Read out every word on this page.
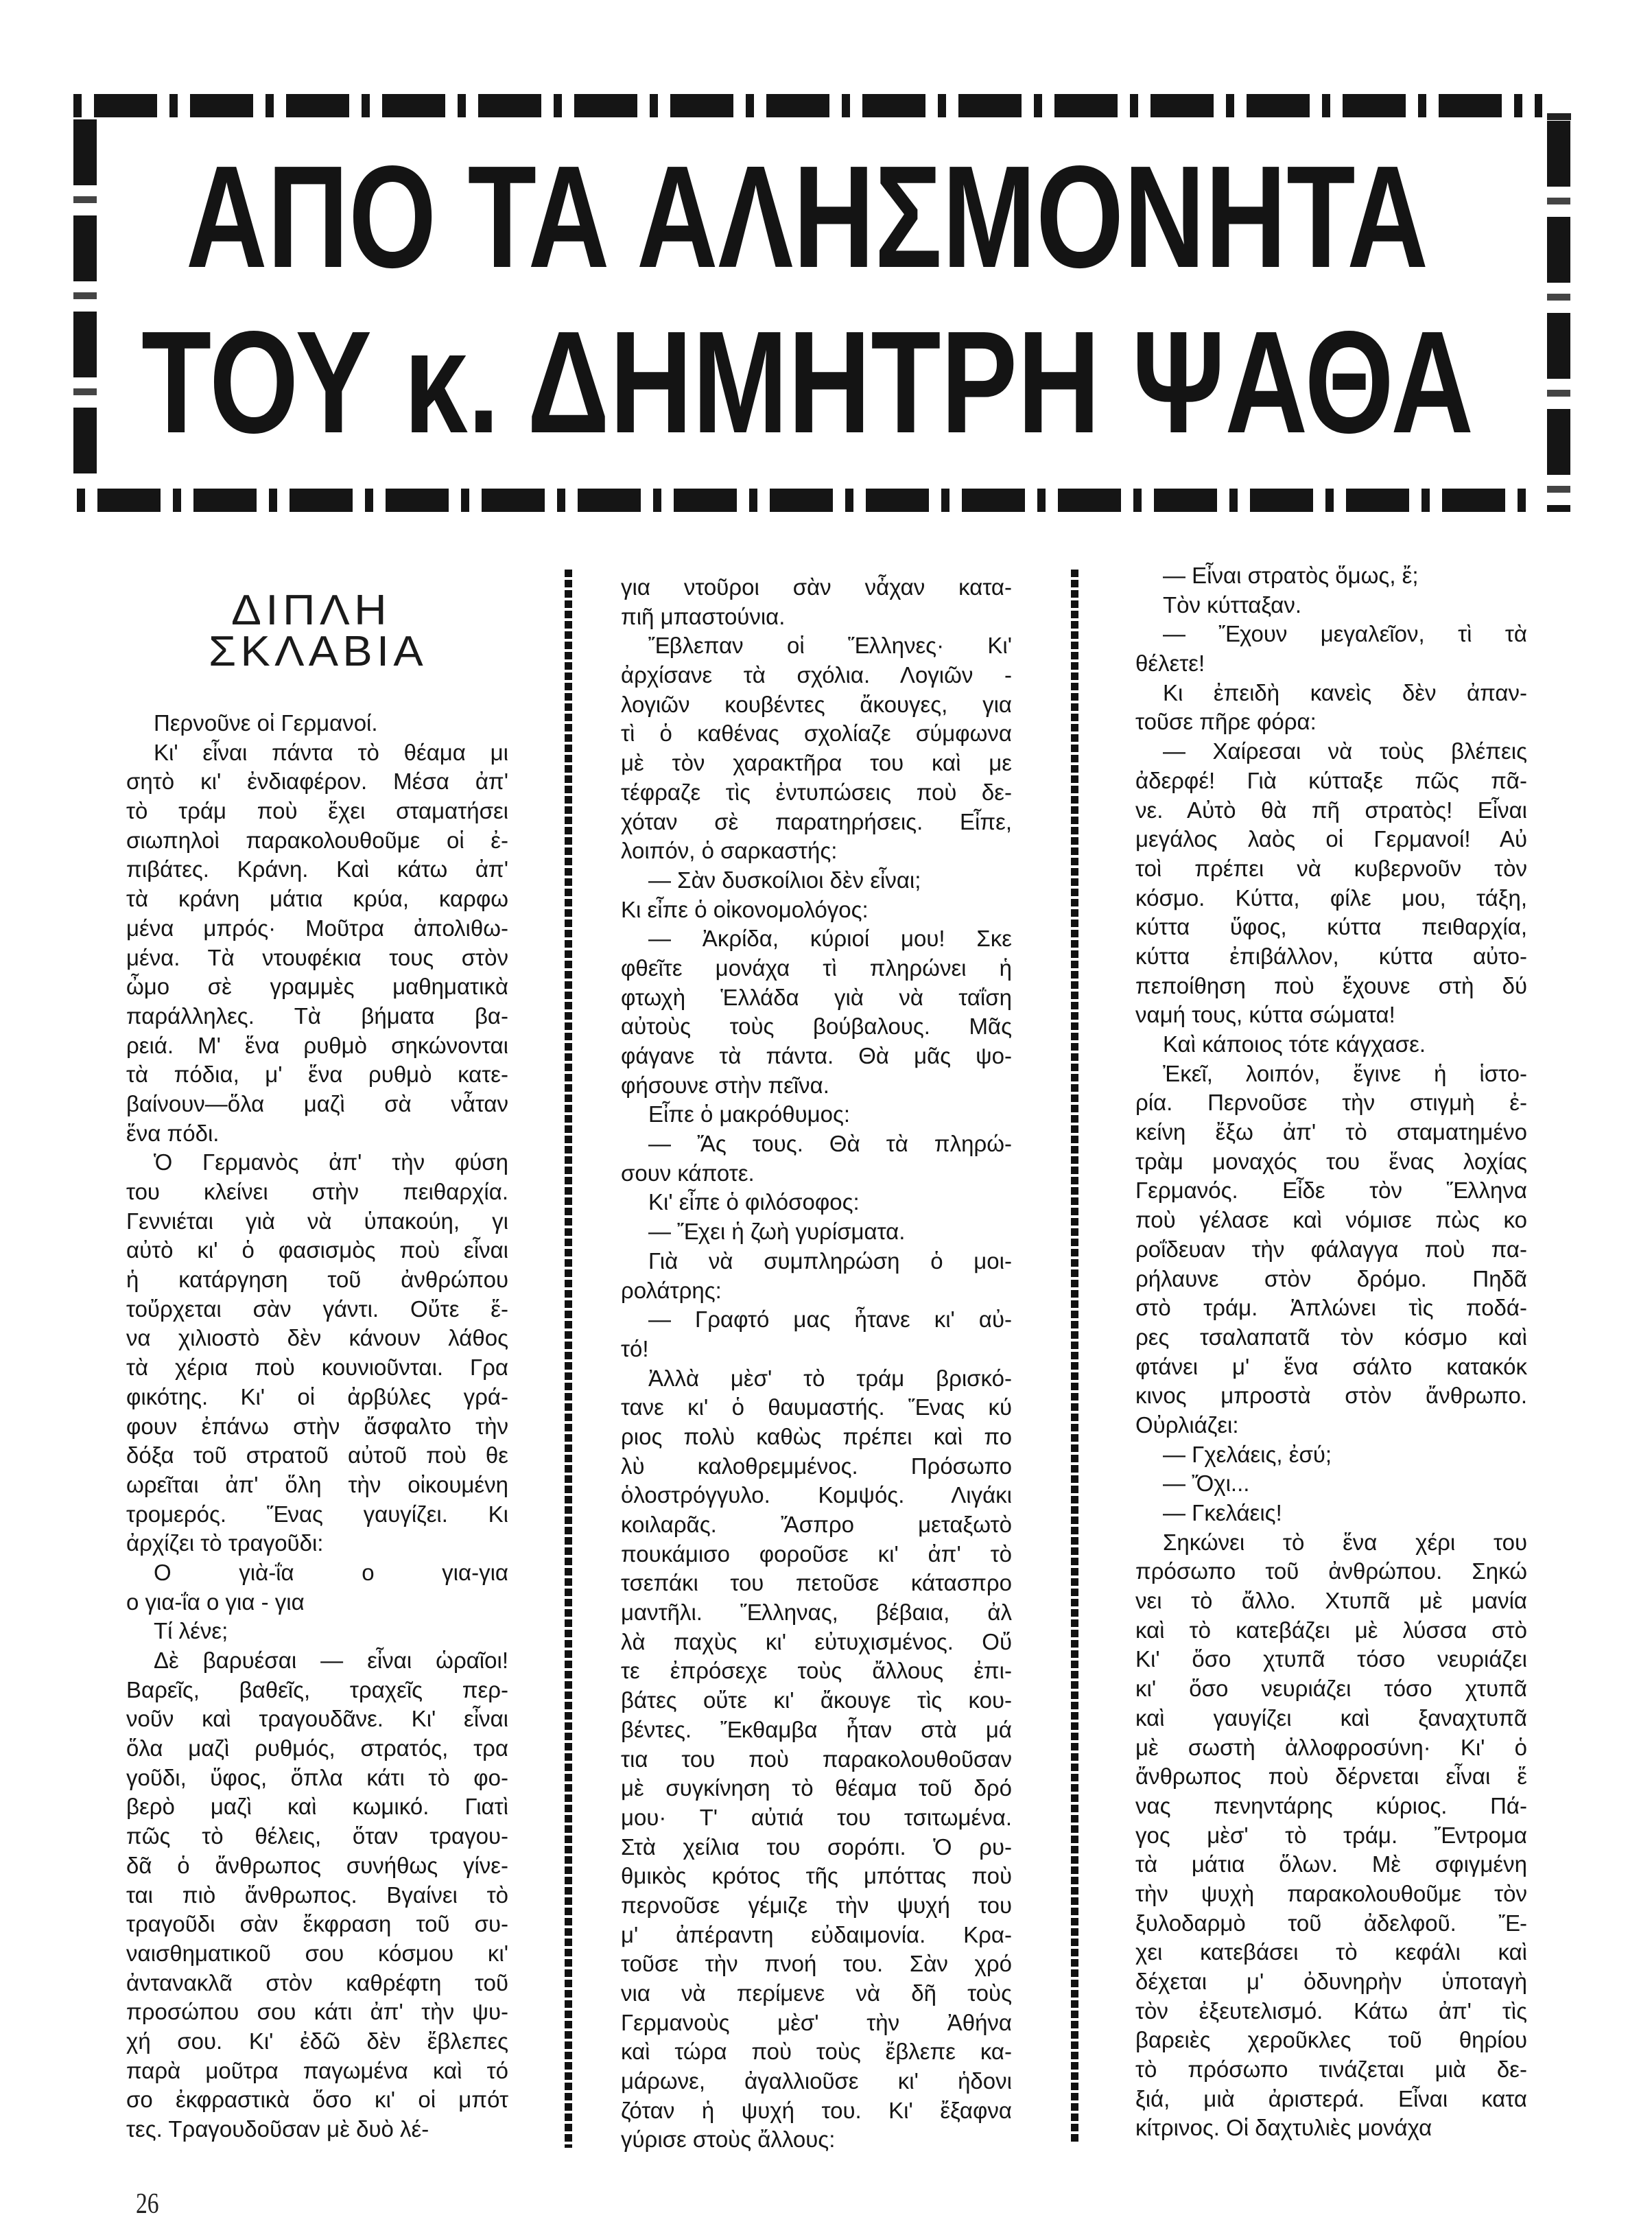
ΑΠΟ ΤΑ ΑΛΗΣΜΟΝΗΤΑ
ΤΟΥ κ. ΔΗΜΗΤΡΗ ΨΑΘΑ
ΔΙΠΛΗ
ΣΚΛΑΒΙΑ
Περνοῦνε οἱ Γερμανοί.
Κι' εἶναι πάντα τὸ θέαμα μι
σητὸ κι' ἐνδιαφέρον. Μέσα ἀπ'
τὸ τράμ ποὺ ἔχει σταματήσει
σιωπηλοὶ παρακολουθοῦμε οἱ ἐ-
πιβάτες. Κράνη. Καὶ κάτω ἀπ'
τὰ κράνη μάτια κρύα, καρφω
μένα μπρός· Μοῦτρα ἀπολιθω-
μένα. Τὰ ντουφέκια τους στὸν
ὦμο σὲ γραμμὲς μαθηματικὰ
παράλληλες. Τὰ βήματα βα-
ρειά. Μ' ἕνα ρυθμὸ σηκώνονται
τὰ πόδια, μ' ἕνα ρυθμὸ κατε-
βαίνουν—ὅλα μαζὶ σὰ νἆταν
ἕνα πόδι.
Ὁ Γερμανὸς ἀπ' τὴν φύση
του κλείνει στὴν πειθαρχία.
Γεννιέται γιὰ νὰ ὑπακούη, γι
αὐτὸ κι' ὁ φασισμὸς ποὺ εἶναι
ἡ κατάργηση τοῦ ἀνθρώπου
τοὔρχεται σὰν γάντι. Οὔτε ἕ-
να χιλιοστὸ δὲν κάνουν λάθος
τὰ χέρια ποὺ κουνιοῦνται. Γρα
φικότης. Κι' οἱ ἀρβύλες γρά-
φουν ἐπάνω στὴν ἄσφαλτο τὴν
δόξα τοῦ στρατοῦ αὐτοῦ ποὺ θε
ωρεῖται ἀπ' ὅλη τὴν οἰκουμένη
τρομερός. Ἕνας γαυγίζει. Κι
ἀρχίζει τὸ τραγοῦδι:
Ο γιὰ-ΐα ο για-για
ο για-ΐα ο για - για
Τί λένε;
Δὲ βαρυέσαι — εἶναι ὡραῖοι!
Βαρεῖς, βαθεῖς, τραχεῖς περ-
νοῦν καὶ τραγουδᾶνε. Κι' εἶναι
ὅλα μαζὶ ρυθμός, στρατός, τρα
γοῦδι, ὕφος, ὅπλα κάτι τὸ φο-
βερὸ μαζὶ καὶ κωμικό. Γιατὶ
πῶς τὸ θέλεις, ὅταν τραγου-
δᾶ ὁ ἄνθρωπος συνήθως γίνε-
ται πιὸ ἄνθρωπος. Βγαίνει τὸ
τραγοῦδι σὰν ἔκφραση τοῦ συ-
ναισθηματικοῦ σου κόσμου κι'
ἀντανακλᾶ στὸν καθρέφτη τοῦ
προσώπου σου κάτι ἀπ' τὴν ψυ-
χή σου. Κι' ἐδῶ δὲν ἔβλεπες
παρὰ μοῦτρα παγωμένα καὶ τό
σο ἐκφραστικὰ ὅσο κι' οἱ μπότ
τες. Τραγουδοῦσαν μὲ δυὸ λέ-
για ντοῦροι σὰν νἆχαν κατα-
πιῆ μπαστούνια.
Ἔβλεπαν οἱ Ἕλληνες· Κι'
ἀρχίσανε τὰ σχόλια. Λογιῶν -
λογιῶν κουβέντες ἄκουγες, για
τὶ ὁ καθένας σχολίαζε σύμφωνα
μὲ τὸν χαρακτῆρα του καὶ με
τέφραζε τὶς ἐντυπώσεις ποὺ δε-
χόταν σὲ παρατηρήσεις. Εἶπε,
λοιπόν, ὁ σαρκαστής:
— Σὰν δυσκοίλιοι δὲν εἶναι;
Κι εἶπε ὁ οἰκονομολόγος:
— Ἀκρίδα, κύριοί μου! Σκε
φθεῖτε μονάχα τὶ πληρώνει ἡ
φτωχὴ Ἑλλάδα γιὰ νὰ ταΐση
αὐτοὺς τοὺς βούβαλους. Μᾶς
φάγανε τὰ πάντα. Θὰ μᾶς ψο-
φήσουνε στὴν πεῖνα.
Εἶπε ὁ μακρόθυμος:
— Ἄς τους. Θὰ τὰ πληρώ-
σουν κάποτε.
Κι' εἶπε ὁ φιλόσοφος:
— Ἔχει ἡ ζωὴ γυρίσματα.
Γιὰ νὰ συμπληρώση ὁ μοι-
ρολάτρης:
— Γραφτό μας ἦτανε κι' αὐ-
τό!
Ἀλλὰ μὲσ' τὸ τράμ βρισκό-
τανε κι' ὁ θαυμαστής. Ἕνας κύ
ριος πολὺ καθὼς πρέπει καὶ πο
λὺ καλοθρεμμένος. Πρόσωπο
ὁλοστρόγγυλο. Κομψός. Λιγάκι
κοιλαρᾶς. Ἄσπρο μεταξωτὸ
πουκάμισο φοροῦσε κι' ἀπ' τὸ
τσεπάκι του πετοῦσε κάτασπρο
μαντῆλι. Ἕλληνας, βέβαια, ἀλ
λὰ παχὺς κι' εὐτυχισμένος. Οὔ
τε ἐπρόσεχε τοὺς ἄλλους ἐπι-
βάτες οὔτε κι' ἄκουγε τὶς κου-
βέντες. Ἔκθαμβα ἦταν στὰ μά
τια του ποὺ παρακολουθοῦσαν
μὲ συγκίνηση τὸ θέαμα τοῦ δρό
μου· Τ' αὐτιά του τσιτωμένα.
Στὰ χείλια του σορόπι. Ὁ ρυ-
θμικὸς κρότος τῆς μπόττας ποὺ
περνοῦσε γέμιζε τὴν ψυχή του
μ' ἀπέραντη εὐδαιμονία. Κρα-
τοῦσε τὴν πνοή του. Σὰν χρό
νια νὰ περίμενε νὰ δῆ τοὺς
Γερμανοὺς μὲσ' τὴν Ἀθήνα
καὶ τώρα ποὺ τοὺς ἔβλεπε κα-
μάρωνε, ἀγαλλιοῦσε κι' ἡδονι
ζόταν ἡ ψυχή του. Κι' ἔξαφνα
γύρισε στοὺς ἄλλους:
— Εἶναι στρατὸς ὅμως, ἔ;
Τὸν κύτταξαν.
— Ἔχουν μεγαλεῖον, τὶ τὰ
θέλετε!
Κι ἐπειδὴ κανεὶς δὲν ἀπαν-
τοῦσε πῆρε φόρα:
— Χαίρεσαι νὰ τοὺς βλέπεις
ἀδερφέ! Γιὰ κύτταξε πῶς πᾶ-
νε. Αὐτὸ θὰ πῆ στρατὸς! Εἶναι
μεγάλος λαὸς οἱ Γερμανοί! Αὐ
τοὶ πρέπει νὰ κυβερνοῦν τὸν
κόσμο. Κύττα, φίλε μου, τάξη,
κύττα ὕφος, κύττα πειθαρχία,
κύττα ἐπιβάλλον, κύττα αὐτο-
πεποίθηση ποὺ ἔχουνε στὴ δύ
ναμή τους, κύττα σώματα!
Καὶ κάποιος τότε κάγχασε.
Ἐκεῖ, λοιπόν, ἔγινε ἡ ἱστο-
ρία. Περνοῦσε τὴν στιγμὴ ἐ-
κείνη ἔξω ἀπ' τὸ σταματημένο
τρὰμ μοναχός του ἕνας λοχίας
Γερμανός. Εἶδε τὸν Ἕλληνα
ποὺ γέλασε καὶ νόμισε πὼς κο
ροΐδευαν τὴν φάλαγγα ποὺ πα-
ρήλαυνε στὸν δρόμο. Πηδᾶ
στὸ τράμ. Ἁπλώνει τὶς ποδά-
ρες τσαλαπατᾶ τὸν κόσμο καὶ
φτάνει μ' ἕνα σάλτο κατακόκ
κινος μπροστὰ στὸν ἄνθρωπο.
Οὐρλιάζει:
— Γχελάεις, ἐσύ;
— Ὄχι...
— Γκελάεις!
Σηκώνει τὸ ἕνα χέρι του
πρόσωπο τοῦ ἀνθρώπου. Σηκώ
νει τὸ ἄλλο. Χτυπᾶ μὲ μανία
καὶ τὸ κατεβάζει μὲ λύσσα στὸ
Κι' ὅσο χτυπᾶ τόσο νευριάζει
κι' ὅσο νευριάζει τόσο χτυπᾶ
καὶ γαυγίζει καὶ ξαναχτυπᾶ
μὲ σωστὴ ἀλλοφροσύνη· Κι' ὁ
ἄνθρωπος ποὺ δέρνεται εἶναι ἕ
νας πενηντάρης κύριος. Πά-
γος μὲσ' τὸ τράμ. Ἔντρομα
τὰ μάτια ὅλων. Μὲ σφιγμένη
τὴν ψυχὴ παρακολουθοῦμε τὸν
ξυλοδαρμὸ τοῦ ἀδελφοῦ. Ἔ-
χει κατεβάσει τὸ κεφάλι καὶ
δέχεται μ' ὀδυνηρὴν ὑποταγὴ
τὸν ἐξευτελισμό. Κάτω ἀπ' τὶς
βαρειὲς χεροῦκλες τοῦ θηρίου
τὸ πρόσωπο τινάζεται μιὰ δε-
ξιά, μιὰ ἀριστερά. Εἶναι κατα
κίτρινος. Οἱ δαχτυλιὲς μονάχα
26
